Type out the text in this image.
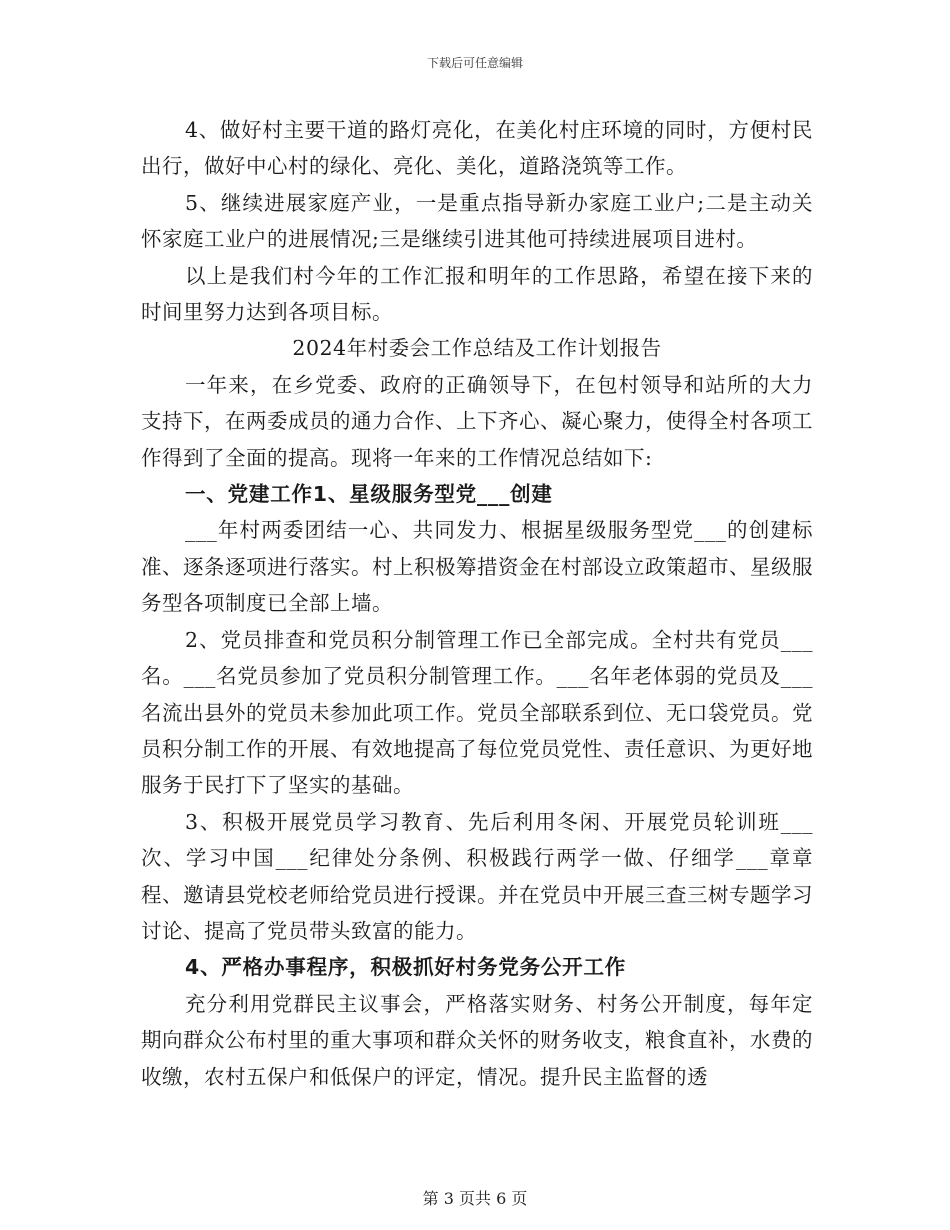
下载后可任意编辑

4、做好村主要干道的路灯亮化，在美化村庄环境的同时，方便村民出行，做好中心村的绿化、亮化、美化，道路浇筑等工作。

5、继续进展家庭产业，一是重点指导新办家庭工业户;二是主动关怀家庭工业户的进展情况;三是继续引进其他可持续进展项目进村。

以上是我们村今年的工作汇报和明年的工作思路，希望在接下来的时间里努力达到各项目标。

2024年村委会工作总结及工作计划报告

一年来，在乡党委、政府的正确领导下，在包村领导和站所的大力支持下，在两委成员的通力合作、上下齐心、凝心聚力，使得全村各项工作得到了全面的提高。现将一年来的工作情况总结如下:

一、党建工作1、星级服务型党___创建

___年村两委团结一心、共同发力、根据星级服务型党___的创建标准、逐条逐项进行落实。村上积极筹措资金在村部设立政策超市、星级服务型各项制度已全部上墙。

2、党员排查和党员积分制管理工作已全部完成。全村共有党员___名。___名党员参加了党员积分制管理工作。___名年老体弱的党员及___名流出县外的党员未参加此项工作。党员全部联系到位、无口袋党员。党员积分制工作的开展、有效地提高了每位党员党性、责任意识、为更好地服务于民打下了坚实的基础。

3、积极开展党员学习教育、先后利用冬闲、开展党员轮训班___次、学习中国___纪律处分条例、积极践行两学一做、仔细学___章章程、邀请县党校老师给党员进行授课。并在党员中开展三查三树专题学习讨论、提高了党员带头致富的能力。

4、严格办事程序，积极抓好村务党务公开工作

充分利用党群民主议事会，严格落实财务、村务公开制度，每年定期向群众公布村里的重大事项和群众关怀的财务收支，粮食直补，水费的收缴，农村五保户和低保户的评定，情况。提升民主监督的透

第 3 页共 6 页
